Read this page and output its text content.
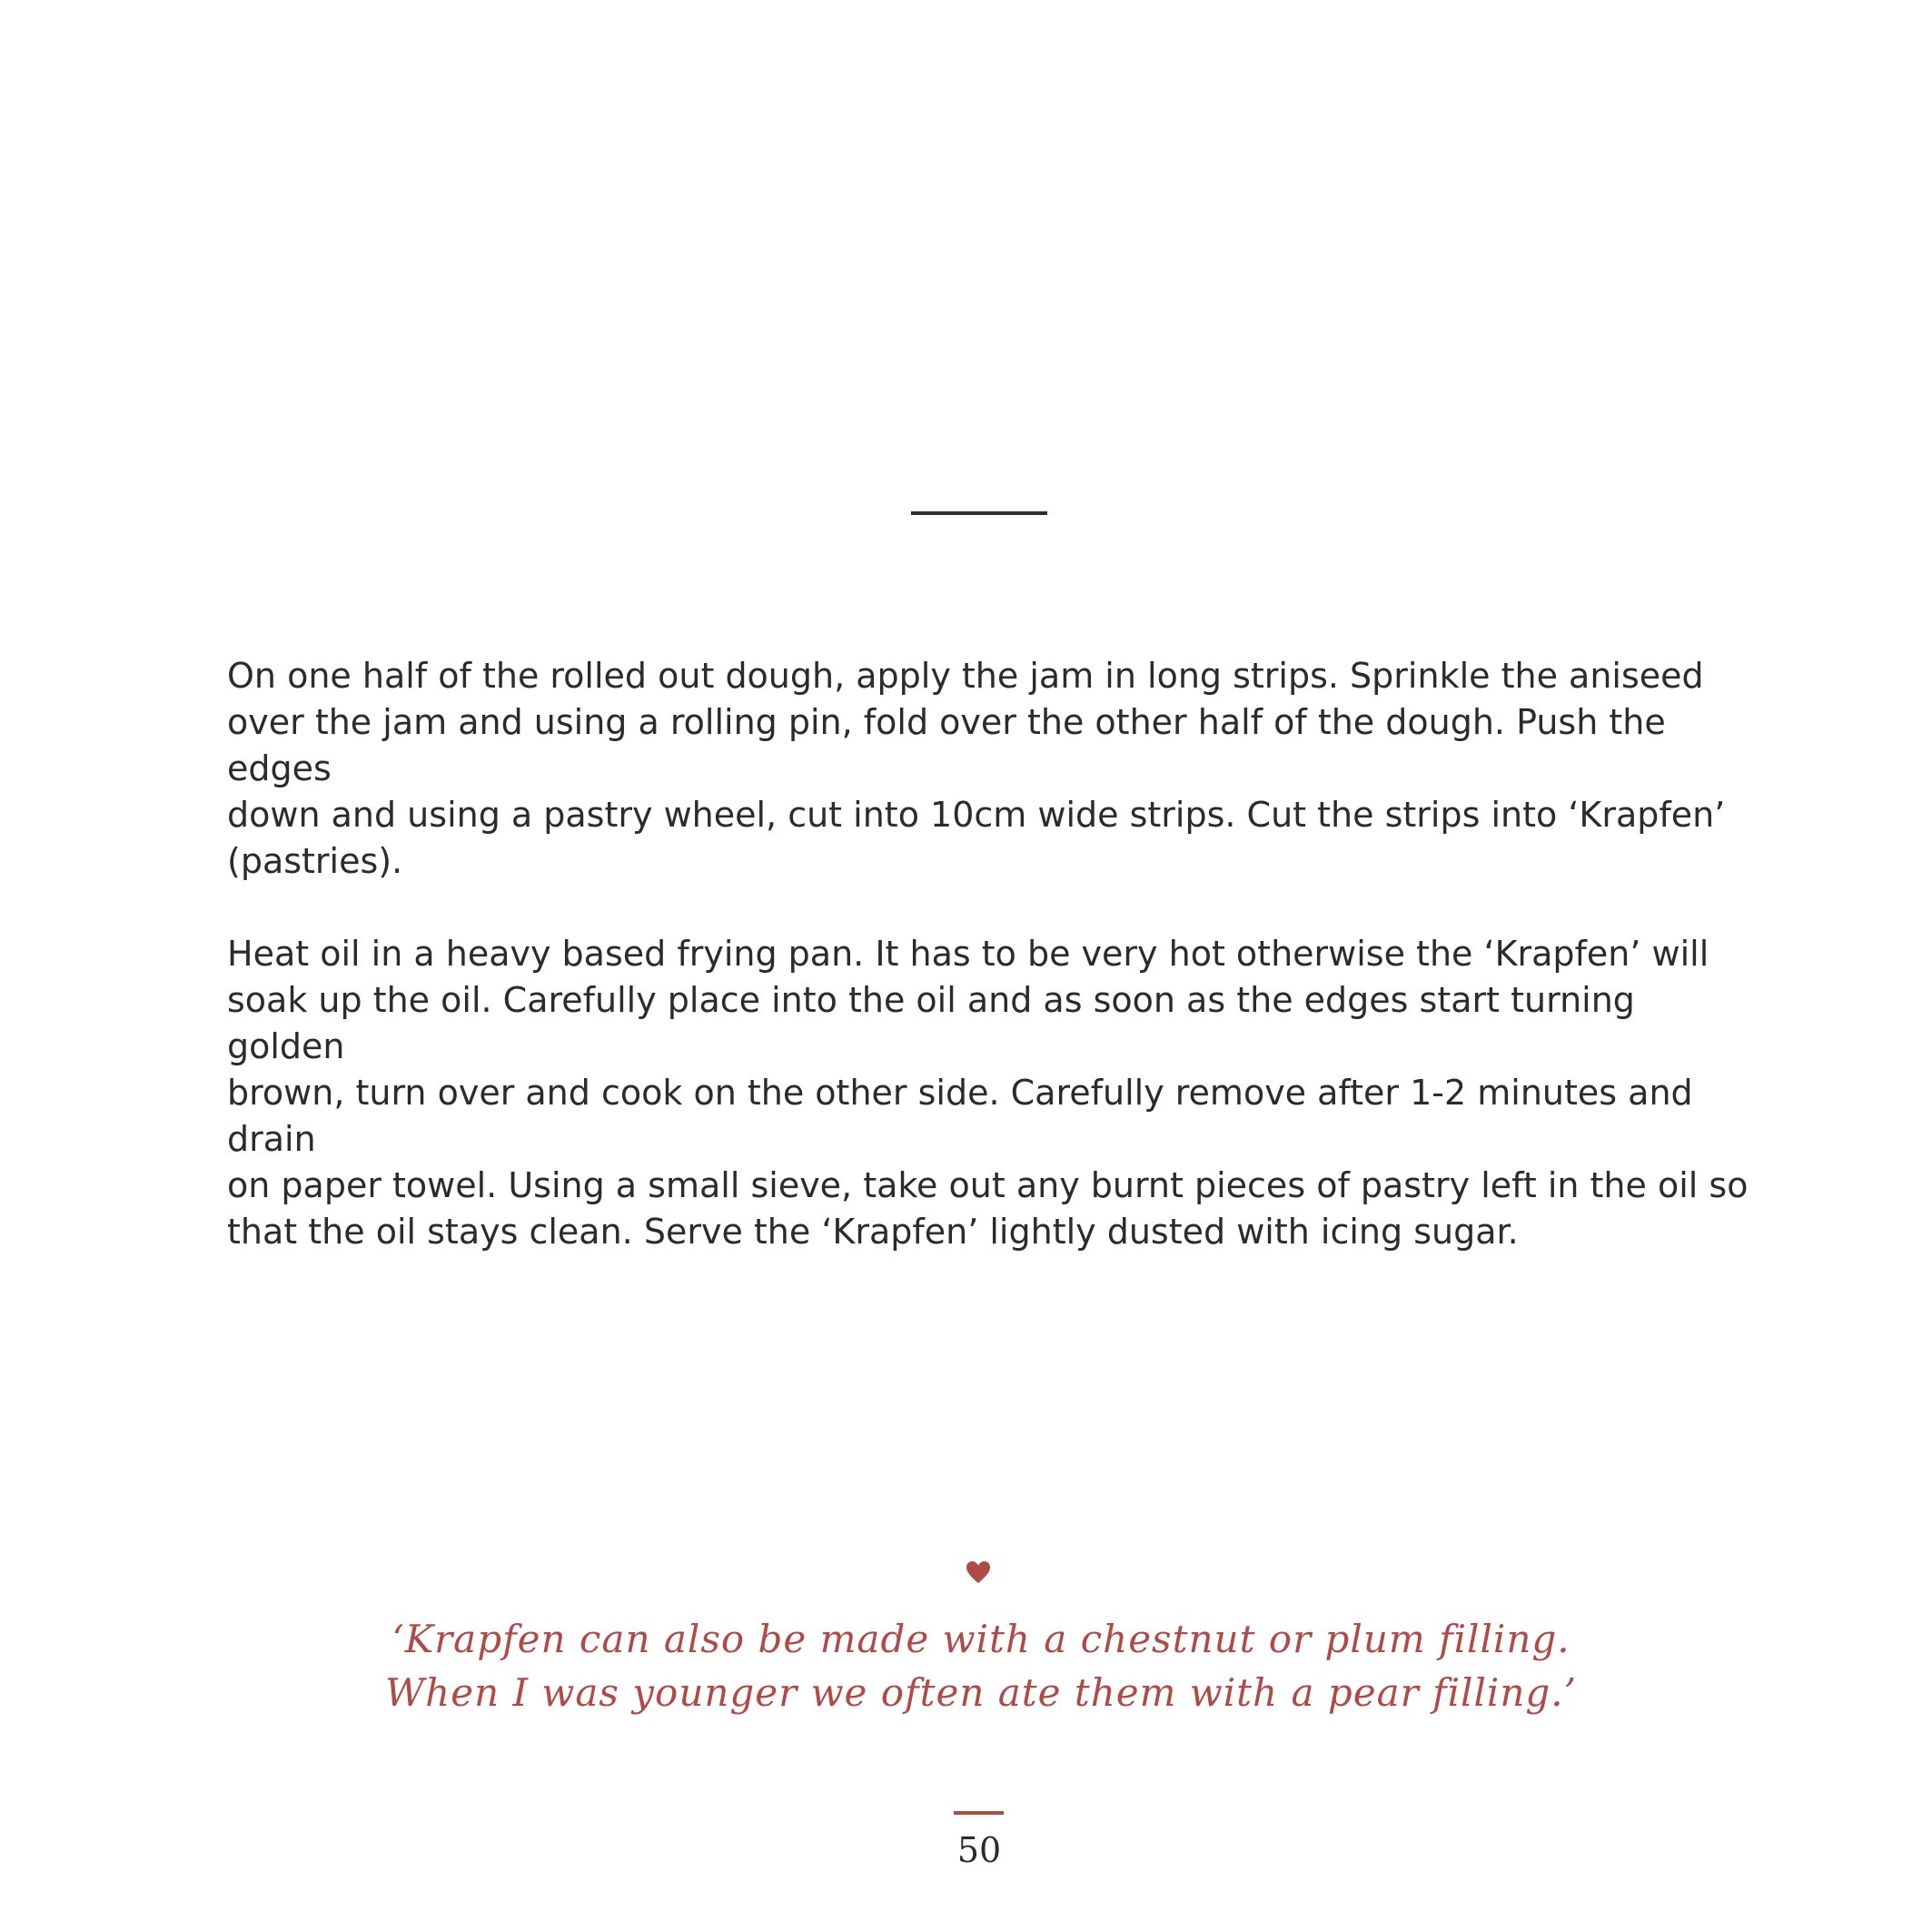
On one half of the rolled out dough, apply the jam in long strips. Sprinkle the aniseed
over the jam and using a rolling pin, fold over the other half of the dough. Push the edges
down and using a pastry wheel, cut into 10cm wide strips. Cut the strips into ‘Krapfen’
(pastries).

Heat oil in a heavy based frying pan. It has to be very hot otherwise the ‘Krapfen’ will
soak up the oil. Carefully place into the oil and as soon as the edges start turning golden
brown, turn over and cook on the other side. Carefully remove after 1-2 minutes and drain
on paper towel. Using a small sieve, take out any burnt pieces of pastry left in the oil so
that the oil stays clean. Serve the ‘Krapfen’ lightly dusted with icing sugar.

‘Krapfen can also be made with a chestnut or plum filling.
When I was younger we often ate them with a pear filling.’
50
